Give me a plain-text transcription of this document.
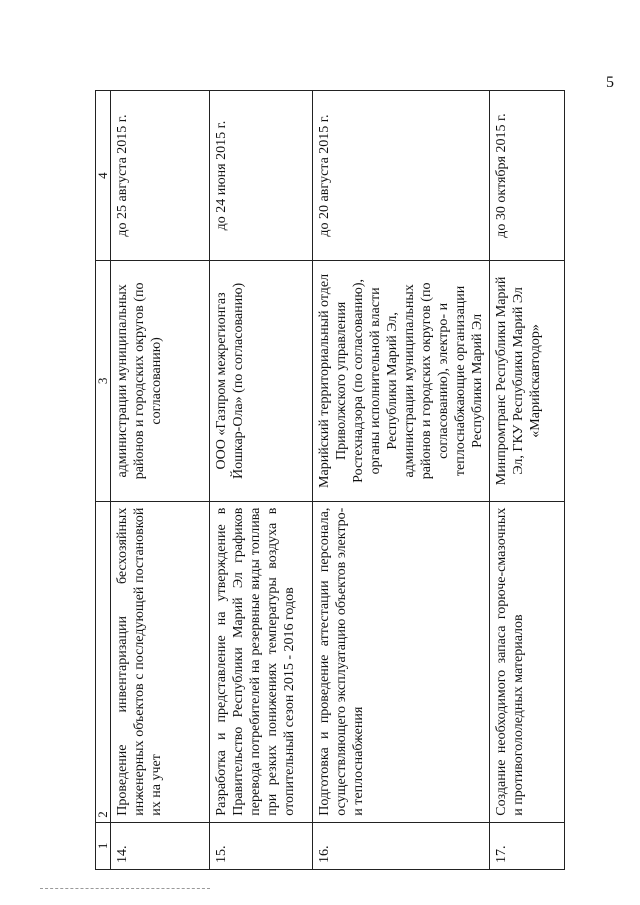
5
1	2	3	4
14.	Проведение инвентаризации бесхозяйных инженерных объектов с последующей постановкой их на учет	администрации муниципальных районов и городских округов (по согласованию)	до 25 августа 2015 г.
15.	Разработка и представление на утверждение в Правительство Республики Марий Эл графиков перевода потребителей на резервные виды топлива при резких понижениях температуры воздуха в отопительный сезон 2015 - 2016 годов	ООО «Газпром межрегионгаз Йошкар-Ола» (по согласованию)	до 24 июня 2015 г.
16.	Подготовка и проведение аттестации персонала, осуществляющего эксплуатацию объектов электро- и теплоснабжения	Марийский территориальный отдел Приволжского управления Ростехнадзора (по согласованию), органы исполнительной власти Республики Марий Эл, администрации муниципальных районов и городских округов (по согласованию), электро- и теплоснабжающие организации Республики Марий Эл	до 20 августа 2015 г.
17.	Создание необходимого запаса горюче-смазочных и противогололедных материалов	Минпромтранс Республики Марий Эл, ГКУ Республики Марий Эл «Марийскавтодор»	до 30 октября 2015 г.
